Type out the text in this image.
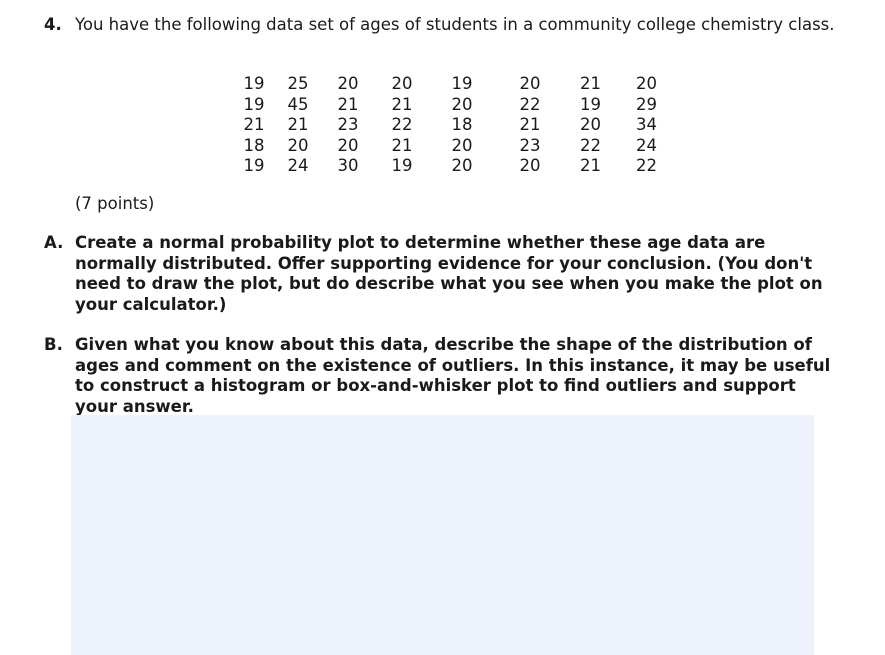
4. You have the following data set of ages of students in a community college chemistry class.
19	25	20	20	19	20	21	20
19	45	21	21	20	22	19	29
21	21	23	22	18	21	20	34
18	20	20	21	20	23	22	24
19	24	30	19	20	20	21	22
(7 points)
A. Create a normal probability plot to determine whether these age data are normally distributed. Offer supporting evidence for your conclusion. (You don't need to draw the plot, but do describe what you see when you make the plot on your calculator.)
B. Given what you know about this data, describe the shape of the distribution of ages and comment on the existence of outliers. In this instance, it may be useful to construct a histogram or box-and-whisker plot to find outliers and support your answer.
